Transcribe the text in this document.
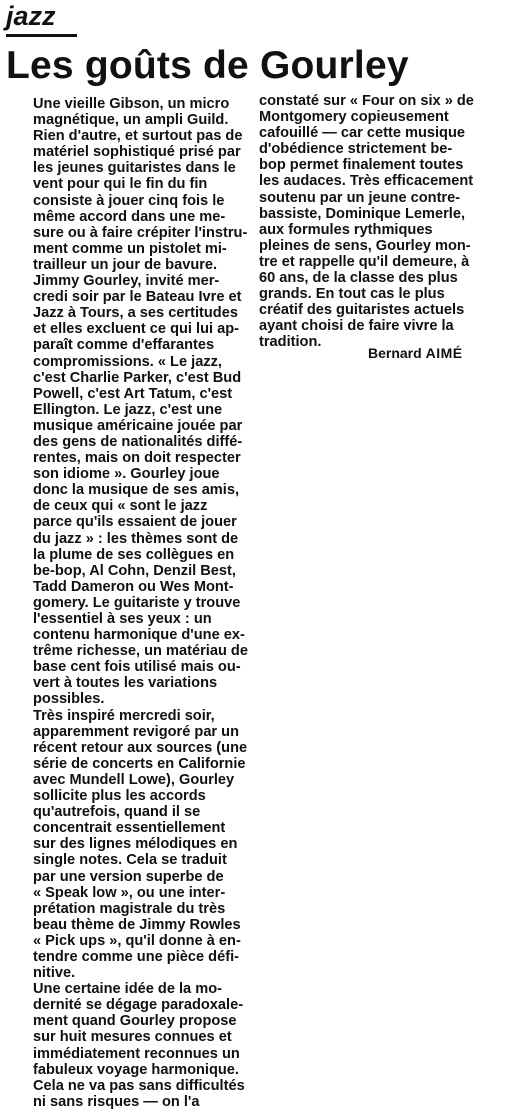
jazz
Les goûts de Gourley

Une vieille Gibson, un micro
magnétique, un ampli Guild.
Rien d'autre, et surtout pas de
matériel sophistiqué prisé par
les jeunes guitaristes dans le
vent pour qui le fin du fin
consiste à jouer cinq fois le
même accord dans une me-
sure ou à faire crépiter l'instru-
ment comme un pistolet mi-
trailleur un jour de bavure.

Jimmy Gourley, invité mer-
credi soir par le Bateau Ivre et
Jazz à Tours, a ses certitudes
et elles excluent ce qui lui ap-
paraît comme d'effarantes
compromissions. « Le jazz,
c'est Charlie Parker, c'est Bud
Powell, c'est Art Tatum, c'est
Ellington. Le jazz, c'est une
musique américaine jouée par
des gens de nationalités diffé-
rentes, mais on doit respecter
son idiome ». Gourley joue
donc la musique de ses amis,
de ceux qui « sont le jazz
parce qu'ils essaient de jouer
du jazz » : les thèmes sont de
la plume de ses collègues en
be-bop, Al Cohn, Denzil Best,
Tadd Dameron ou Wes Mont-
gomery. Le guitariste y trouve
l'essentiel à ses yeux : un
contenu harmonique d'une ex-
trême richesse, un matériau de
base cent fois utilisé mais ou-
vert à toutes les variations
possibles.

Très inspiré mercredi soir,
apparemment revigoré par un
récent retour aux sources (une
série de concerts en Californie
avec Mundell Lowe), Gourley
sollicite plus les accords
qu'autrefois, quand il se
concentrait essentiellement
sur des lignes mélodiques en
single notes. Cela se traduit
par une version superbe de
« Speak low », ou une inter-
prétation magistrale du très
beau thème de Jimmy Rowles
« Pick ups », qu'il donne à en-
tendre comme une pièce défi-
nitive.

Une certaine idée de la mo-
dernité se dégage paradoxale-
ment quand Gourley propose
sur huit mesures connues et
immédiatement reconnues un
fabuleux voyage harmonique.
Cela ne va pas sans difficultés
ni sans risques — on l'a

constaté sur « Four on six » de
Montgomery copieusement
cafouillé — car cette musique
d'obédience strictement be-
bop permet finalement toutes
les audaces. Très efficacement
soutenu par un jeune contre-
bassiste, Dominique Lemerle,
aux formules rythmiques
pleines de sens, Gourley mon-
tre et rappelle qu'il demeure, à
60 ans, de la classe des plus
grands. En tout cas le plus
créatif des guitaristes actuels
ayant choisi de faire vivre la
tradition.

Bernard AIMÉ
